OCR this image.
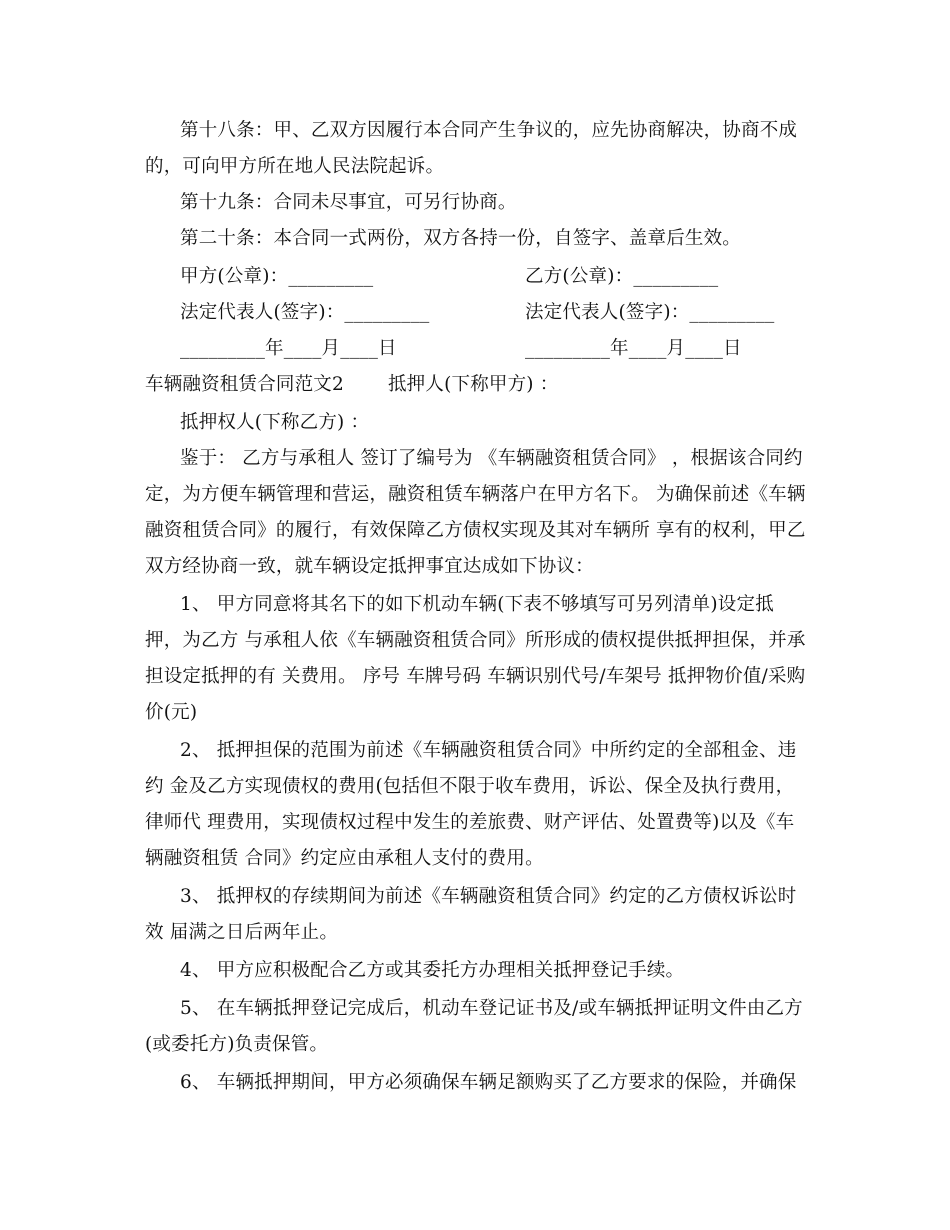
第十八条：甲、乙双方因履行本合同产生争议的，应先协商解决，协商不成
的，可向甲方所在地人民法院起诉。
第十九条：合同未尽事宜，可另行协商。
第二十条：本合同一式两份，双方各持一份，自签字、盖章后生效。
甲方(公章)：_________	乙方(公章)：_________
法定代表人(签字)：_________	法定代表人(签字)：_________
_________年____月____日	_________年____月____日
车辆融资租赁合同范文2 抵押人(下称甲方) ：
抵押权人(下称乙方) ：
鉴于： 乙方与承租人 签订了编号为 《车辆融资租赁合同》 ，根据该合同约
定，为方便车辆管理和营运，融资租赁车辆落户在甲方名下。 为确保前述《车辆
融资租赁合同》的履行，有效保障乙方债权实现及其对车辆所 享有的权利，甲乙
双方经协商一致，就车辆设定抵押事宜达成如下协议：
1、 甲方同意将其名下的如下机动车辆(下表不够填写可另列清单)设定抵
押，为乙方 与承租人依《车辆融资租赁合同》所形成的债权提供抵押担保，并承
担设定抵押的有 关费用。 序号 车牌号码 车辆识别代号/车架号 抵押物价值/采购
价(元)
2、 抵押担保的范围为前述《车辆融资租赁合同》中所约定的全部租金、违
约 金及乙方实现债权的费用(包括但不限于收车费用，诉讼、保全及执行费用，
律师代 理费用，实现债权过程中发生的差旅费、财产评估、处置费等)以及《车
辆融资租赁 合同》约定应由承租人支付的费用。
3、 抵押权的存续期间为前述《车辆融资租赁合同》约定的乙方债权诉讼时
效 届满之日后两年止。
4、 甲方应积极配合乙方或其委托方办理相关抵押登记手续。
5、 在车辆抵押登记完成后，机动车登记证书及/或车辆抵押证明文件由乙方
(或委托方)负责保管。
6、 车辆抵押期间，甲方必须确保车辆足额购买了乙方要求的保险，并确保
